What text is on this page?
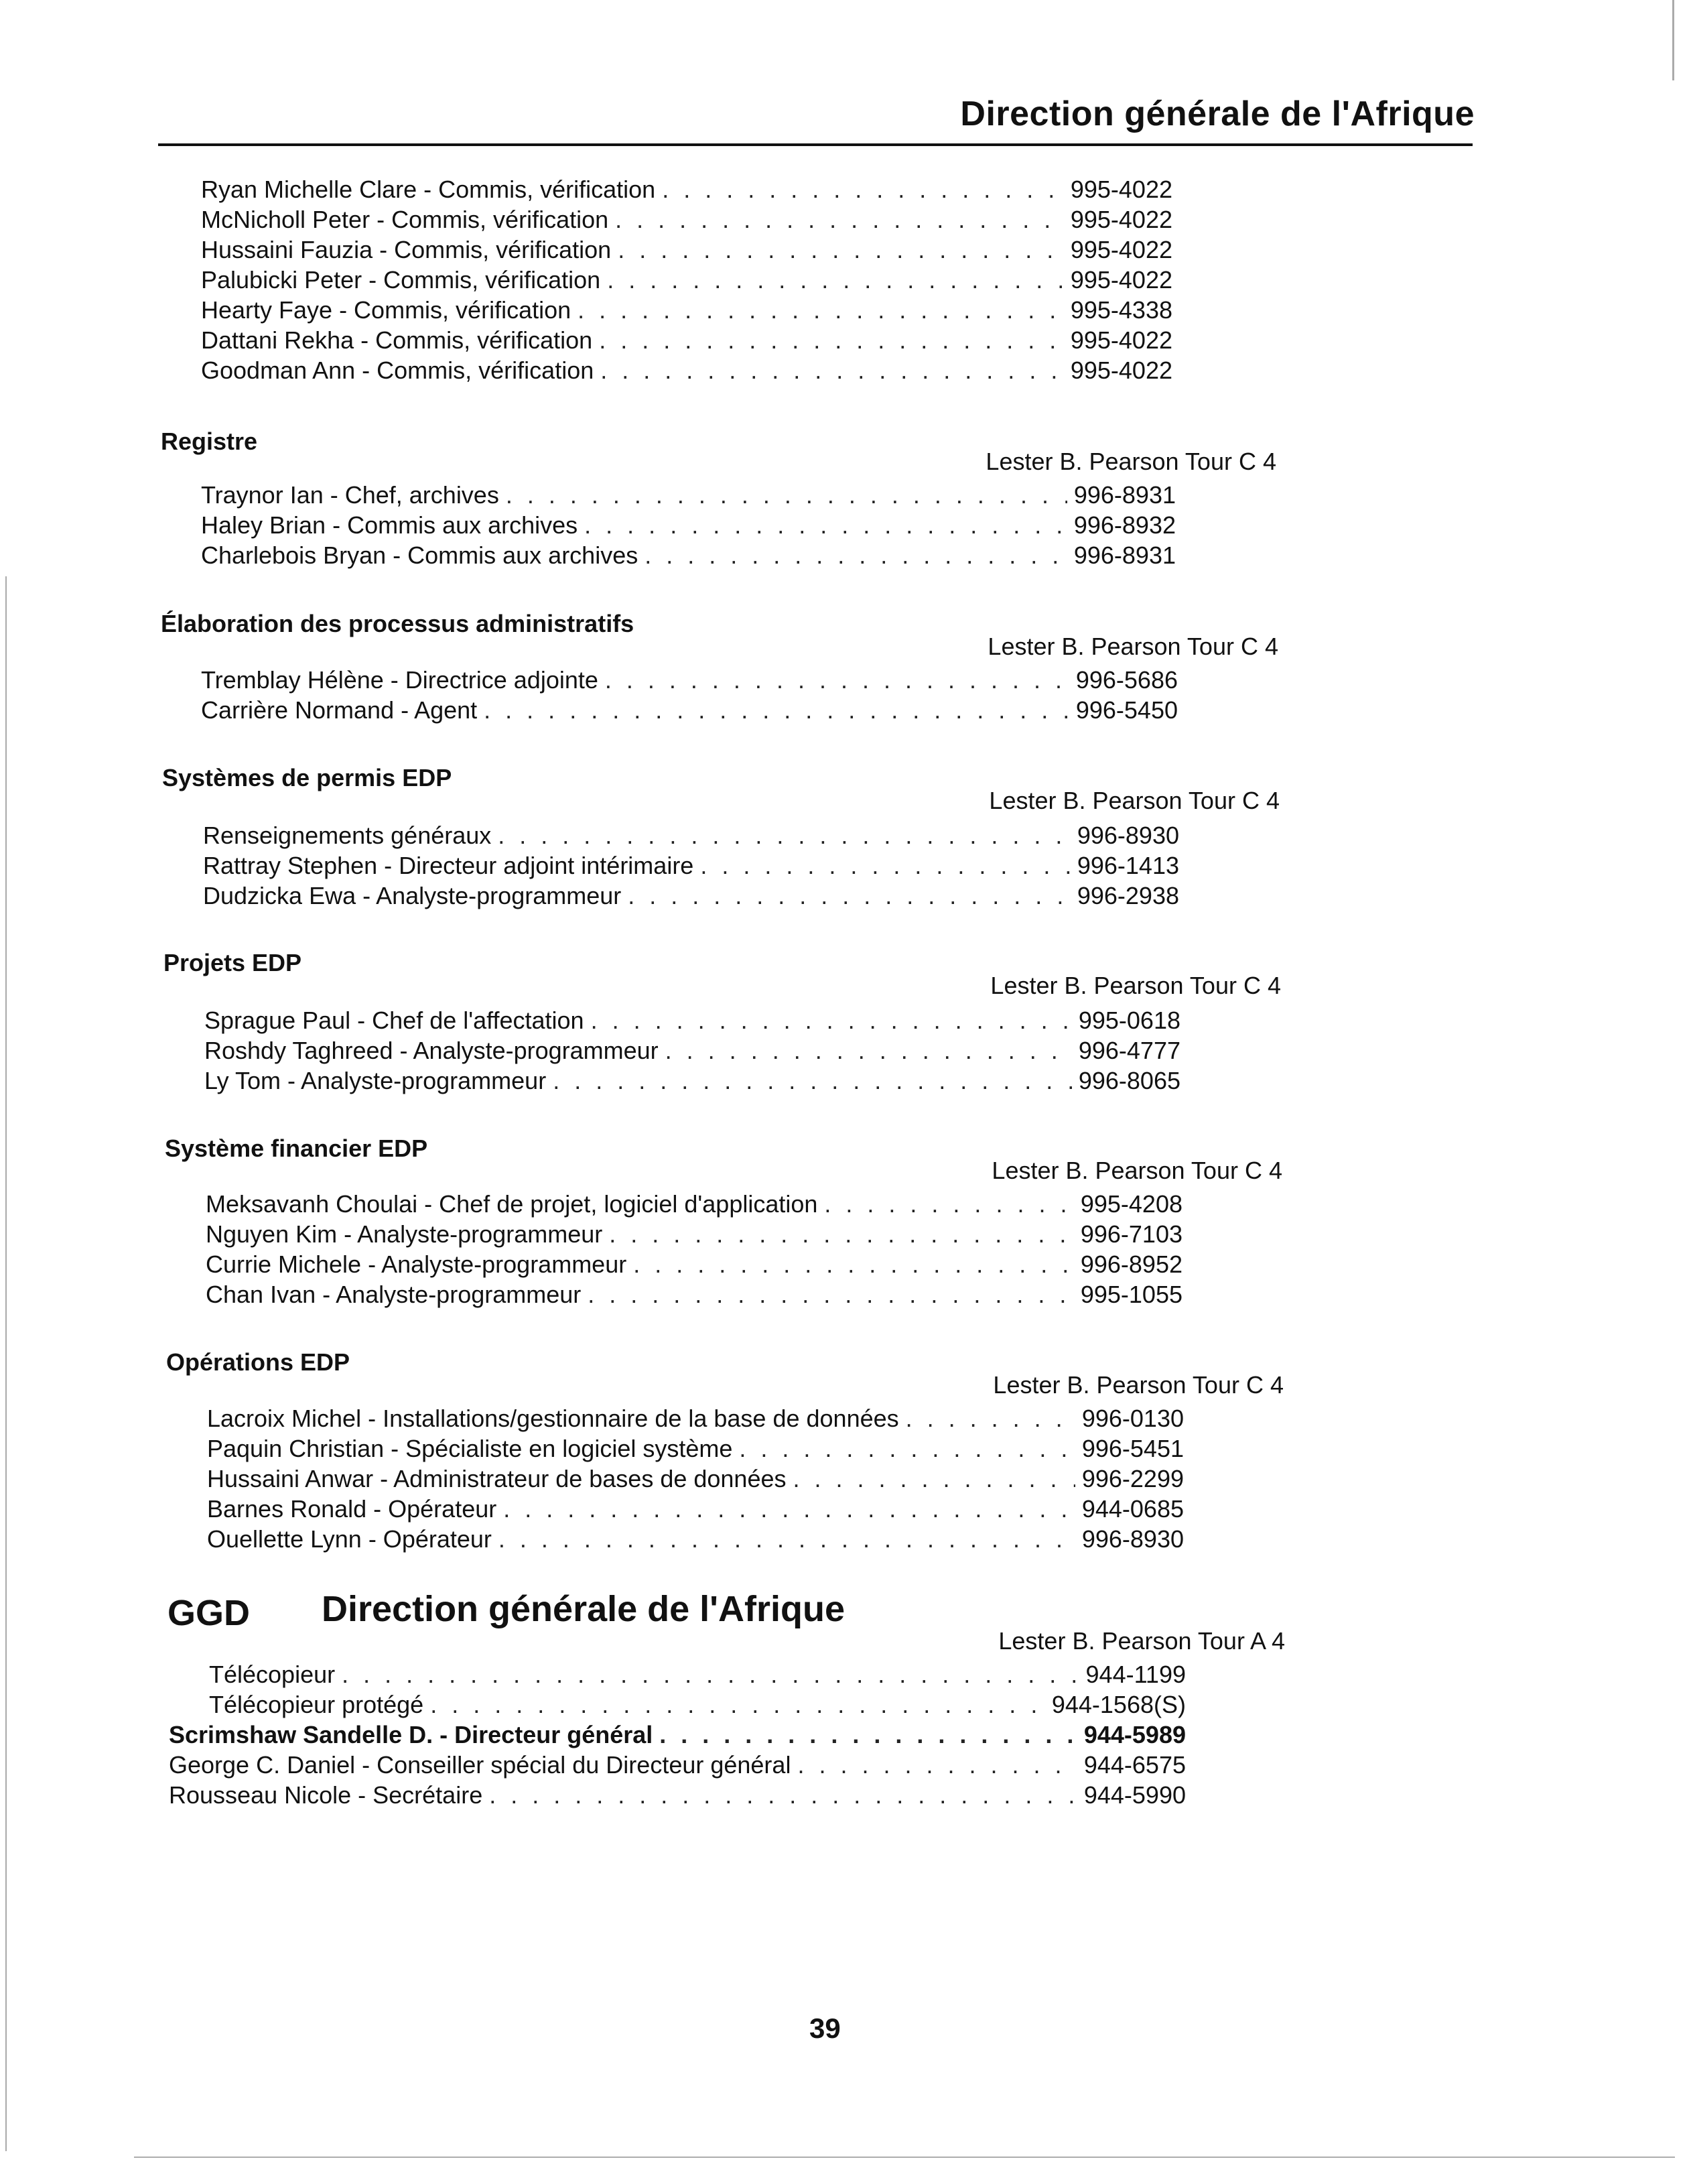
Direction générale de l'Afrique
Ryan Michelle Clare - Commis, vérification . . .	995-4022
McNicholl Peter - Commis, vérification . . .	995-4022
Hussaini Fauzia - Commis, vérification . . .	995-4022
Palubicki Peter - Commis, vérification . . .	995-4022
Hearty Faye - Commis, vérification . . .	995-4338
Dattani Rekha - Commis, vérification . . .	995-4022
Goodman Ann - Commis, vérification . . .	995-4022
Registre
Lester B. Pearson Tour C 4
Traynor Ian - Chef, archives . . .	996-8931
Haley Brian - Commis aux archives . . .	996-8932
Charlebois Bryan - Commis aux archives . . .	996-8931
Élaboration des processus administratifs
Lester B. Pearson Tour C 4
Tremblay Hélène - Directrice adjointe . . .	996-5686
Carrière Normand - Agent . . .	996-5450
Systèmes de permis EDP
Lester B. Pearson Tour C 4
Renseignements généraux . . .	996-8930
Rattray Stephen - Directeur adjoint intérimaire . . .	996-1413
Dudzicka Ewa - Analyste-programmeur . . .	996-2938
Projets EDP
Lester B. Pearson Tour C 4
Sprague Paul - Chef de l'affectation . . .	995-0618
Roshdy Taghreed - Analyste-programmeur . . .	996-4777
Ly Tom - Analyste-programmeur . . .	996-8065
Système financier EDP
Lester B. Pearson Tour C 4
Meksavanh Choulai - Chef de projet, logiciel d'application . . .	995-4208
Nguyen Kim - Analyste-programmeur . . .	996-7103
Currie Michele - Analyste-programmeur . . .	996-8952
Chan Ivan - Analyste-programmeur . . .	995-1055
Opérations EDP
Lester B. Pearson Tour C 4
Lacroix Michel - Installations/gestionnaire de la base de données . . .	996-0130
Paquin Christian - Spécialiste en logiciel système . . .	996-5451
Hussaini Anwar - Administrateur de bases de données . . .	996-2299
Barnes Ronald - Opérateur . . .	944-0685
Ouellette Lynn - Opérateur . . .	996-8930
GGD Direction générale de l'Afrique
Lester B. Pearson Tour A 4
Télécopieur . . .	944-1199
Télécopieur protégé . . .	944-1568(S)
Scrimshaw Sandelle D. - Directeur général . . .	944-5989
George C. Daniel - Conseiller spécial du Directeur général . . .	944-6575
Rousseau Nicole - Secrétaire . . .	944-5990
39
